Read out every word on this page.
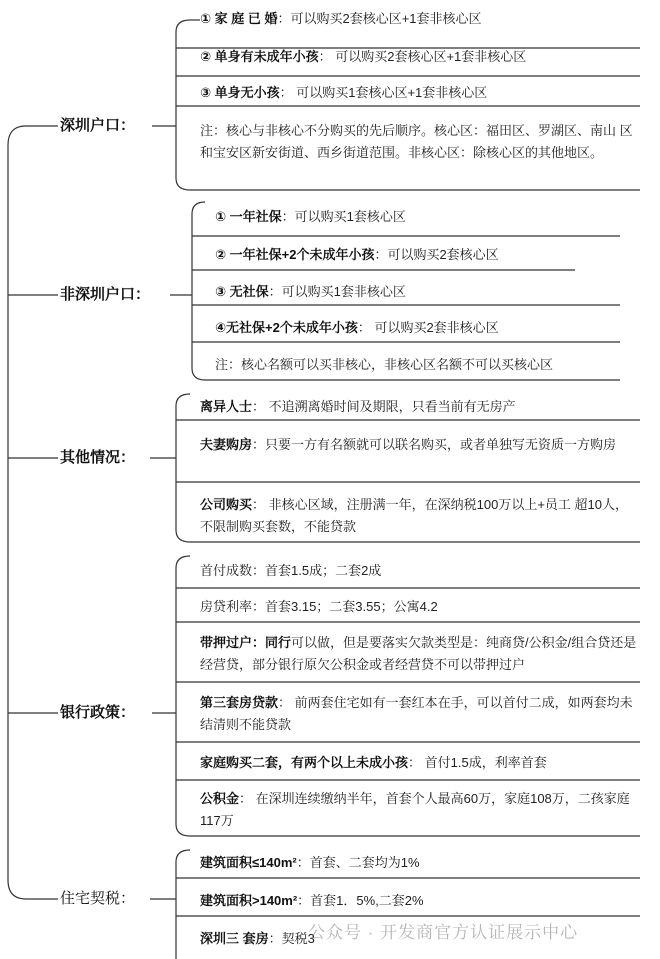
深圳户口：
① 家 庭 已 婚：可以购买2套核心区+1套非核心区
② 单身有未成年小孩： 可以购买2套核心区+1套非核心区
③ 单身无小孩： 可以购买1套核心区+1套非核心区
注：核心与非核心不分购买的先后顺序。核心区：福田区、罗湖区、南山 区和宝安区新安街道、西乡街道范围。非核心区：除核心区的其他地区。
非深圳户口：
① 一年社保：可以购买1套核心区
② 一年社保+2个未成年小孩：可以购买2套核心区
③ 无社保：可以购买1套非核心区
④无社保+2个未成年小孩： 可以购买2套非核心区
注：核心名额可以买非核心，非核心区名额不可以买核心区
其他情况：
离异人士： 不追溯离婚时间及期限，只看当前有无房产
夫妻购房：只要一方有名额就可以联名购买，或者单独写无资质一方购房
公司购买： 非核心区域，注册满一年，在深纳税100万以上+员工 超10人，不限制购买套数，不能贷款
银行政策：
首付成数：首套1.5成；二套2成
房贷利率：首套3.15；二套3.55；公寓4.2
带押过户：同行可以做，但是要落实欠款类型是：纯商贷/公积金/组合贷还是经营贷，部分银行原欠公积金或者经营贷不可以带押过户
第三套房贷款： 前两套住宅如有一套红本在手，可以首付二成，如两套均未结清则不能贷款
家庭购买二套，有两个以上未成小孩： 首付1.5成，利率首套
公积金： 在深圳连续缴纳半年，首套个人最高60万，家庭108万，二孩家庭117万
住宅契税：
建筑面积≤140m²：首套、二套均为1%
建筑面积>140m²：首套1．5%,二套2%
深圳三 套房：契税3
公众号 · 开发商官方认证展示中心
